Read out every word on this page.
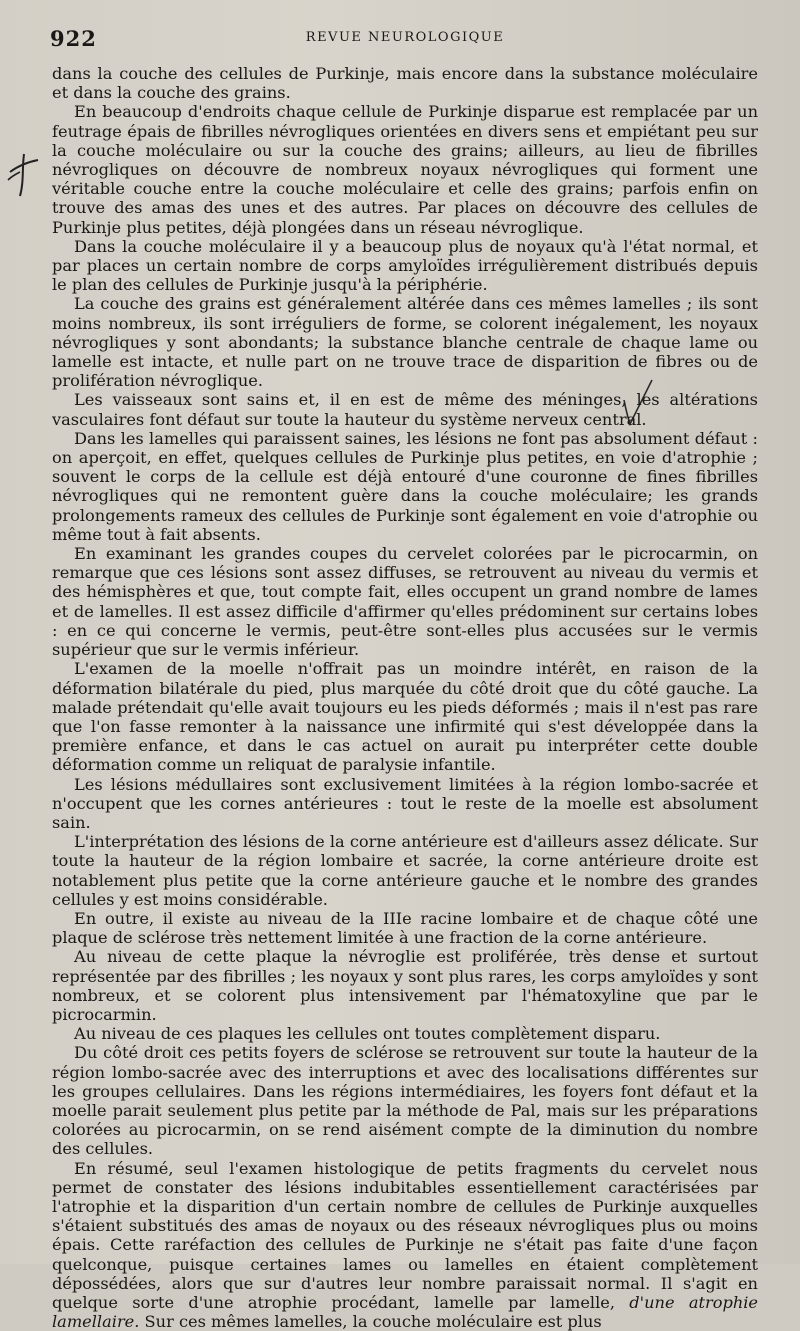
922	REVUE NEUROLOGIQUE

dans la couche des cellules de Purkinje, mais encore dans la substance moléculaire et dans la couche des grains.

En beaucoup d'endroits chaque cellule de Purkinje disparue est remplacée par un feutrage épais de fibrilles névrogliques orientées en divers sens et empiétant peu sur la couche moléculaire ou sur la couche des grains; ailleurs, au lieu de fibrilles névrogliques on découvre de nombreux noyaux névrogliques qui forment une véritable couche entre la couche moléculaire et celle des grains; parfois enfin on trouve des amas des unes et des autres. Par places on découvre des cellules de Purkinje plus petites, déjà plongées dans un réseau névroglique.

Dans la couche moléculaire il y a beaucoup plus de noyaux qu'à l'état normal, et par places un certain nombre de corps amyloïdes irrégulièrement distribués depuis le plan des cellules de Purkinje jusqu'à la périphérie.

La couche des grains est généralement altérée dans ces mêmes lamelles ; ils sont moins nombreux, ils sont irréguliers de forme, se colorent inégalement, les noyaux névrogliques y sont abondants; la substance blanche centrale de chaque lame ou lamelle est intacte, et nulle part on ne trouve trace de disparition de fibres ou de prolifération névroglique.

Les vaisseaux sont sains et, il en est de même des méninges, les altérations vasculaires font défaut sur toute la hauteur du système nerveux central.

Dans les lamelles qui paraissent saines, les lésions ne font pas absolument défaut : on aperçoit, en effet, quelques cellules de Purkinje plus petites, en voie d'atrophie ; souvent le corps de la cellule est déjà entouré d'une couronne de fines fibrilles névrogliques qui ne remontent guère dans la couche moléculaire; les grands prolongements rameux des cellules de Purkinje sont également en voie d'atrophie ou même tout à fait absents.

En examinant les grandes coupes du cervelet colorées par le picrocarmin, on remarque que ces lésions sont assez diffuses, se retrouvent au niveau du vermis et des hémisphères et que, tout compte fait, elles occupent un grand nombre de lames et de lamelles. Il est assez difficile d'affirmer qu'elles prédominent sur certains lobes : en ce qui concerne le vermis, peut-être sont-elles plus accusées sur le vermis supérieur que sur le vermis inférieur.

L'examen de la moelle n'offrait pas un moindre intérêt, en raison de la déformation bilatérale du pied, plus marquée du côté droit que du côté gauche. La malade prétendait qu'elle avait toujours eu les pieds déformés ; mais il n'est pas rare que l'on fasse remonter à la naissance une infirmité qui s'est développée dans la première enfance, et dans le cas actuel on aurait pu interpréter cette double déformation comme un reliquat de paralysie infantile.

Les lésions médullaires sont exclusivement limitées à la région lombo-sacrée et n'occupent que les cornes antérieures : tout le reste de la moelle est absolument sain.

L'interprétation des lésions de la corne antérieure est d'ailleurs assez délicate. Sur toute la hauteur de la région lombaire et sacrée, la corne antérieure droite est notablement plus petite que la corne antérieure gauche et le nombre des grandes cellules y est moins considérable.

En outre, il existe au niveau de la IIIe racine lombaire et de chaque côté une plaque de sclérose très nettement limitée à une fraction de la corne antérieure.

Au niveau de cette plaque la névroglie est proliférée, très dense et surtout représentée par des fibrilles ; les noyaux y sont plus rares, les corps amyloïdes y sont nombreux, et se colorent plus intensivement par l'hématoxyline que par le picrocarmin.

Au niveau de ces plaques les cellules ont toutes complètement disparu.

Du côté droit ces petits foyers de sclérose se retrouvent sur toute la hauteur de la région lombo-sacrée avec des interruptions et avec des localisations différentes sur les groupes cellulaires. Dans les régions intermédiaires, les foyers font défaut et la moelle parait seulement plus petite par la méthode de Pal, mais sur les préparations colorées au picrocarmin, on se rend aisément compte de la diminution du nombre des cellules.

En résumé, seul l'examen histologique de petits fragments du cervelet nous permet de constater des lésions indubitables essentiellement caractérisées par l'atrophie et la disparition d'un certain nombre de cellules de Purkinje auxquelles s'étaient substitués des amas de noyaux ou des réseaux névrogliques plus ou moins épais. Cette raréfaction des cellules de Purkinje ne s'était pas faite d'une façon quelconque, puisque certaines lames ou lamelles en étaient complètement dépossédées, alors que sur d'autres leur nombre paraissait normal. Il s'agit en quelque sorte d'une atrophie procédant, lamelle par lamelle, d'une atrophie lamellaire. Sur ces mêmes lamelles, la couche moléculaire est plus
